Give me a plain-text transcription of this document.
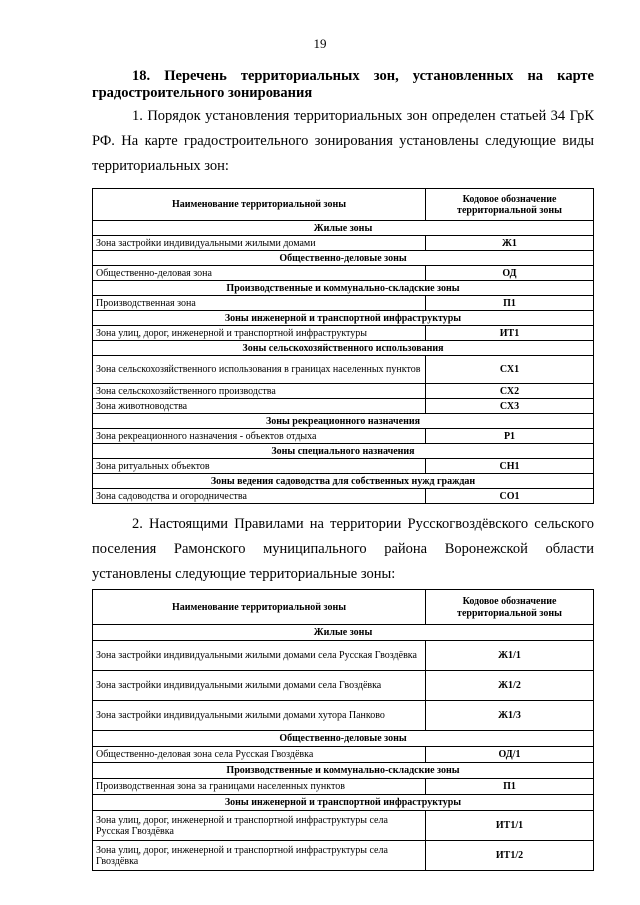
19
18. Перечень территориальных зон, установленных на карте градостроительного зонирования
1. Порядок установления территориальных зон определен статьей 34 ГрК РФ. На карте градостроительного зонирования установлены следующие виды территориальных зон:
Наименование территориальной зоны	Кодовое обозначение территориальной зоны
Жилые зоны	
Зона застройки индивидуальными жилыми домами	Ж1
Общественно-деловые зоны	
Общественно-деловая зона	ОД
Производственные и коммунально-складские зоны	
Производственная зона	П1
Зоны инженерной и транспортной инфраструктуры	
Зона улиц, дорог, инженерной и транспортной инфраструктуры	ИТ1
Зоны сельскохозяйственного использования	
Зона сельскохозяйственного использования в границах населенных пунктов	СХ1
Зона сельскохозяйственного производства	СХ2
Зона животноводства	СХ3
Зоны рекреационного назначения	
Зона рекреационного назначения - объектов отдыха	Р1
Зоны специального назначения	
Зона ритуальных объектов	СН1
Зоны ведения садоводства для собственных нужд граждан	
Зона садоводства и огородничества	СО1
2. Настоящими Правилами на территории Русскогвоздёвского сельского поселения Рамонского муниципального района Воронежской области установлены следующие территориальные зоны:
Наименование территориальной зоны	Кодовое обозначение территориальной зоны
Жилые зоны	
Зона застройки индивидуальными жилыми домами села Русская Гвоздёвка	Ж1/1
Зона застройки индивидуальными жилыми домами села Гвоздёвка	Ж1/2
Зона застройки индивидуальными жилыми домами хутора Панково	Ж1/3
Общественно-деловые зоны	
Общественно-деловая зона села Русская Гвоздёвка	ОД/1
Производственные и коммунально-складские зоны	
Производственная зона за границами населенных пунктов	П1
Зоны инженерной и транспортной инфраструктуры	
Зона улиц, дорог, инженерной и транспортной инфраструктуры села Русская Гвоздёвка	ИТ1/1
Зона улиц, дорог, инженерной и транспортной инфраструктуры села Гвоздёвка	ИТ1/2
